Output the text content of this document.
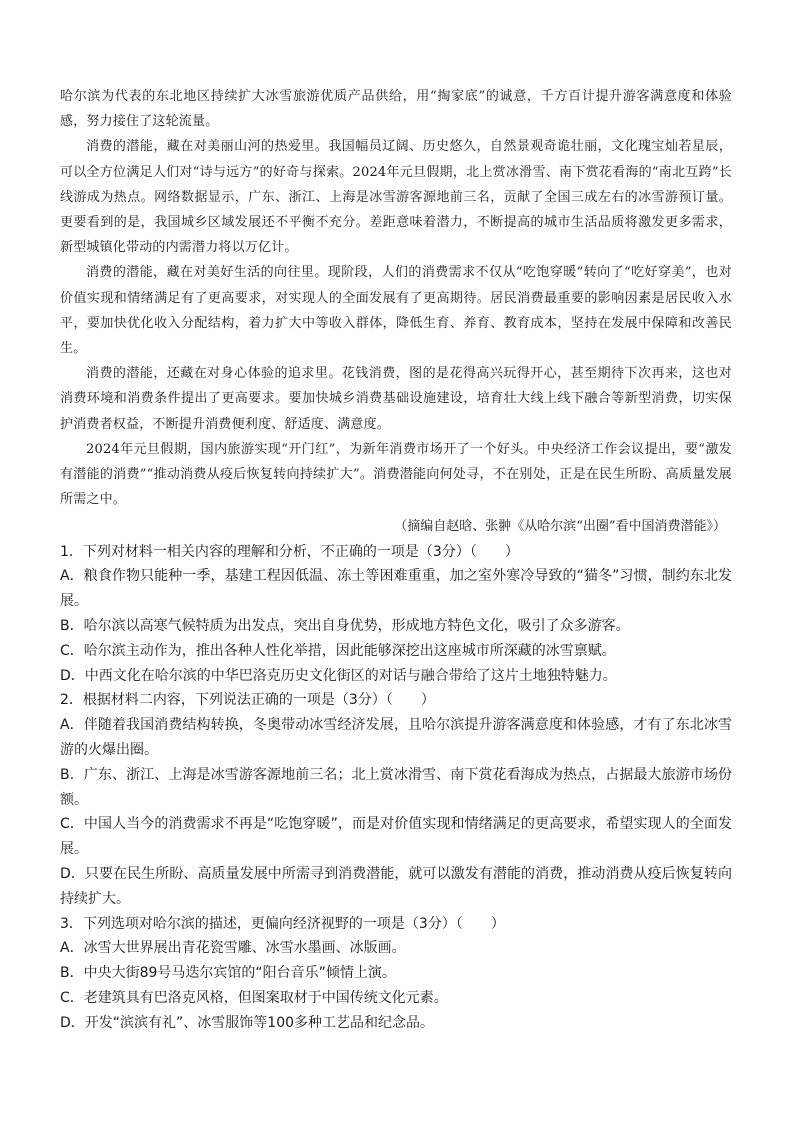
哈尔滨为代表的东北地区持续扩大冰雪旅游优质产品供给，用“掏家底”的诚意，千方百计提升游客满意度和体验感，努力接住了这轮流量。

消费的潜能，藏在对美丽山河的热爱里。我国幅员辽阔、历史悠久，自然景观奇诡壮丽，文化瑰宝灿若星辰，可以全方位满足人们对“诗与远方”的好奇与探索。2024年元旦假期，北上赏冰滑雪、南下赏花看海的“南北互跨”长线游成为热点。网络数据显示，广东、浙江、上海是冰雪游客源地前三名，贡献了全国三成左右的冰雪游预订量。更要看到的是，我国城乡区域发展还不平衡不充分。差距意味着潜力，不断提高的城市生活品质将激发更多需求，新型城镇化带动的内需潜力将以万亿计。

消费的潜能，藏在对美好生活的向往里。现阶段，人们的消费需求不仅从“吃饱穿暖”转向了“吃好穿美”，也对价值实现和情绪满足有了更高要求，对实现人的全面发展有了更高期待。居民消费最重要的影响因素是居民收入水平，要加快优化收入分配结构，着力扩大中等收入群体，降低生育、养育、教育成本，坚持在发展中保障和改善民生。

消费的潜能，还藏在对身心体验的追求里。花钱消费，图的是花得高兴玩得开心，甚至期待下次再来，这也对消费环境和消费条件提出了更高要求。要加快城乡消费基础设施建设，培育壮大线上线下融合等新型消费，切实保护消费者权益，不断提升消费便利度、舒适度、满意度。

2024年元旦假期，国内旅游实现“开门红”，为新年消费市场开了一个好头。中央经济工作会议提出，要“激发有潜能的消费”“推动消费从疫后恢复转向持续扩大”。消费潜能向何处寻，不在别处，正是在民生所盼、高质量发展所需之中。

（摘编自赵晗、张翀《从哈尔滨“出圈”看中国消费潜能》）

1．下列对材料一相关内容的理解和分析，不正确的一项是（3分）（　　）

A．粮食作物只能种一季，基建工程因低温、冻土等困难重重，加之室外寒冷导致的“猫冬”习惯，制约东北发展。

B．哈尔滨以高寒气候特质为出发点，突出自身优势，形成地方特色文化，吸引了众多游客。

C．哈尔滨主动作为，推出各种人性化举措，因此能够深挖出这座城市所深藏的冰雪禀赋。

D．中西文化在哈尔滨的中华巴洛克历史文化街区的对话与融合带给了这片土地独特魅力。

2．根据材料二内容，下列说法正确的一项是（3分）（　　）

A．伴随着我国消费结构转换，冬奥带动冰雪经济发展，且哈尔滨提升游客满意度和体验感，才有了东北冰雪游的火爆出圈。

B．广东、浙江、上海是冰雪游客源地前三名；北上赏冰滑雪、南下赏花看海成为热点，占据最大旅游市场份额。

C．中国人当今的消费需求不再是“吃饱穿暖”，而是对价值实现和情绪满足的更高要求，希望实现人的全面发展。

D．只要在民生所盼、高质量发展中所需寻到消费潜能，就可以激发有潜能的消费，推动消费从疫后恢复转向持续扩大。

3．下列选项对哈尔滨的描述，更偏向经济视野的一项是（3分）（　　）

A．冰雪大世界展出青花瓷雪雕、冰雪水墨画、冰版画。

B．中央大街89号马迭尔宾馆的“阳台音乐”倾情上演。

C．老建筑具有巴洛克风格，但图案取材于中国传统文化元素。

D．开发“滨滨有礼”、冰雪服饰等100多种工艺品和纪念品。
